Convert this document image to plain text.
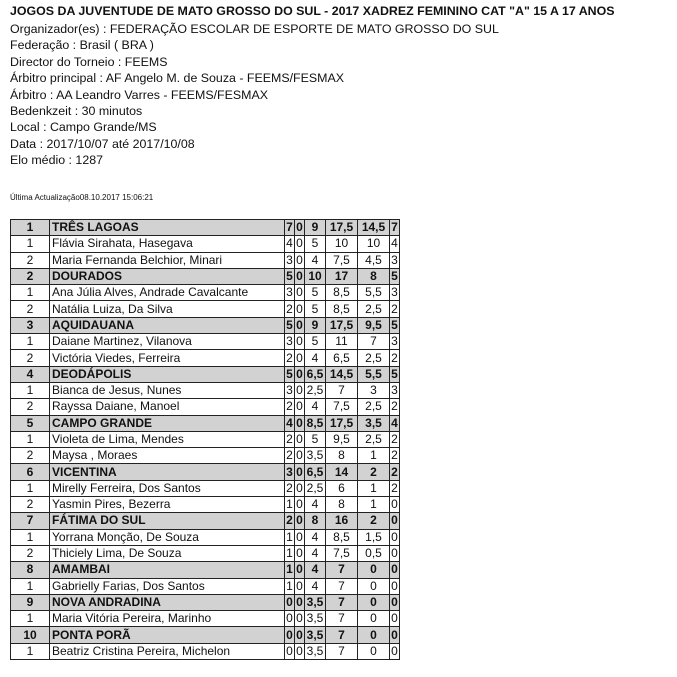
JOGOS DA JUVENTUDE DE MATO GROSSO DO SUL - 2017 XADREZ FEMININO CAT "A" 15 A 17 ANOS
Organizador(es) : FEDERAÇÃO ESCOLAR DE ESPORTE DE MATO GROSSO DO SUL
Federação : Brasil ( BRA )
Director do Torneio : FEEMS
Árbitro principal : AF Angelo M. de Souza - FEEMS/FESMAX
Árbitro : AA Leandro Varres - FEEMS/FESMAX
Bedenkzeit : 30 minutos
Local : Campo Grande/MS
Data : 2017/10/07 até 2017/10/08
Elo médio : 1287
Última Actualização08.10.2017 15:06:21
1	TRÊS LAGOAS	7	0	9	17,5	14,5	7
1	Flávia Sirahata, Hasegava	4	0	5	10	10	4
2	Maria Fernanda Belchior, Minari	3	0	4	7,5	4,5	3
2	DOURADOS	5	0	10	17	8	5
1	Ana Júlia Alves, Andrade Cavalcante	3	0	5	8,5	5,5	3
2	Natália Luiza, Da Silva	2	0	5	8,5	2,5	2
3	AQUIDAUANA	5	0	9	17,5	9,5	5
1	Daiane Martinez, Vilanova	3	0	5	11	7	3
2	Victória Viedes, Ferreira	2	0	4	6,5	2,5	2
4	DEODÁPOLIS	5	0	6,5	14,5	5,5	5
1	Bianca de Jesus, Nunes	3	0	2,5	7	3	3
2	Rayssa Daiane, Manoel	2	0	4	7,5	2,5	2
5	CAMPO GRANDE	4	0	8,5	17,5	3,5	4
1	Violeta de Lima, Mendes	2	0	5	9,5	2,5	2
2	Maysa , Moraes	2	0	3,5	8	1	2
6	VICENTINA	3	0	6,5	14	2	2
1	Mirelly Ferreira, Dos Santos	2	0	2,5	6	1	2
2	Yasmin Pires, Bezerra	1	0	4	8	1	0
7	FÁTIMA DO SUL	2	0	8	16	2	0
1	Yorrana Monção, De Souza	1	0	4	8,5	1,5	0
2	Thiciely Lima, De Souza	1	0	4	7,5	0,5	0
8	AMAMBAI	1	0	4	7	0	0
1	Gabrielly Farias, Dos Santos	1	0	4	7	0	0
9	NOVA ANDRADINA	0	0	3,5	7	0	0
1	Maria Vitória Pereira, Marinho	0	0	3,5	7	0	0
10	PONTA PORÃ	0	0	3,5	7	0	0
1	Beatriz Cristina Pereira, Michelon	0	0	3,5	7	0	0
